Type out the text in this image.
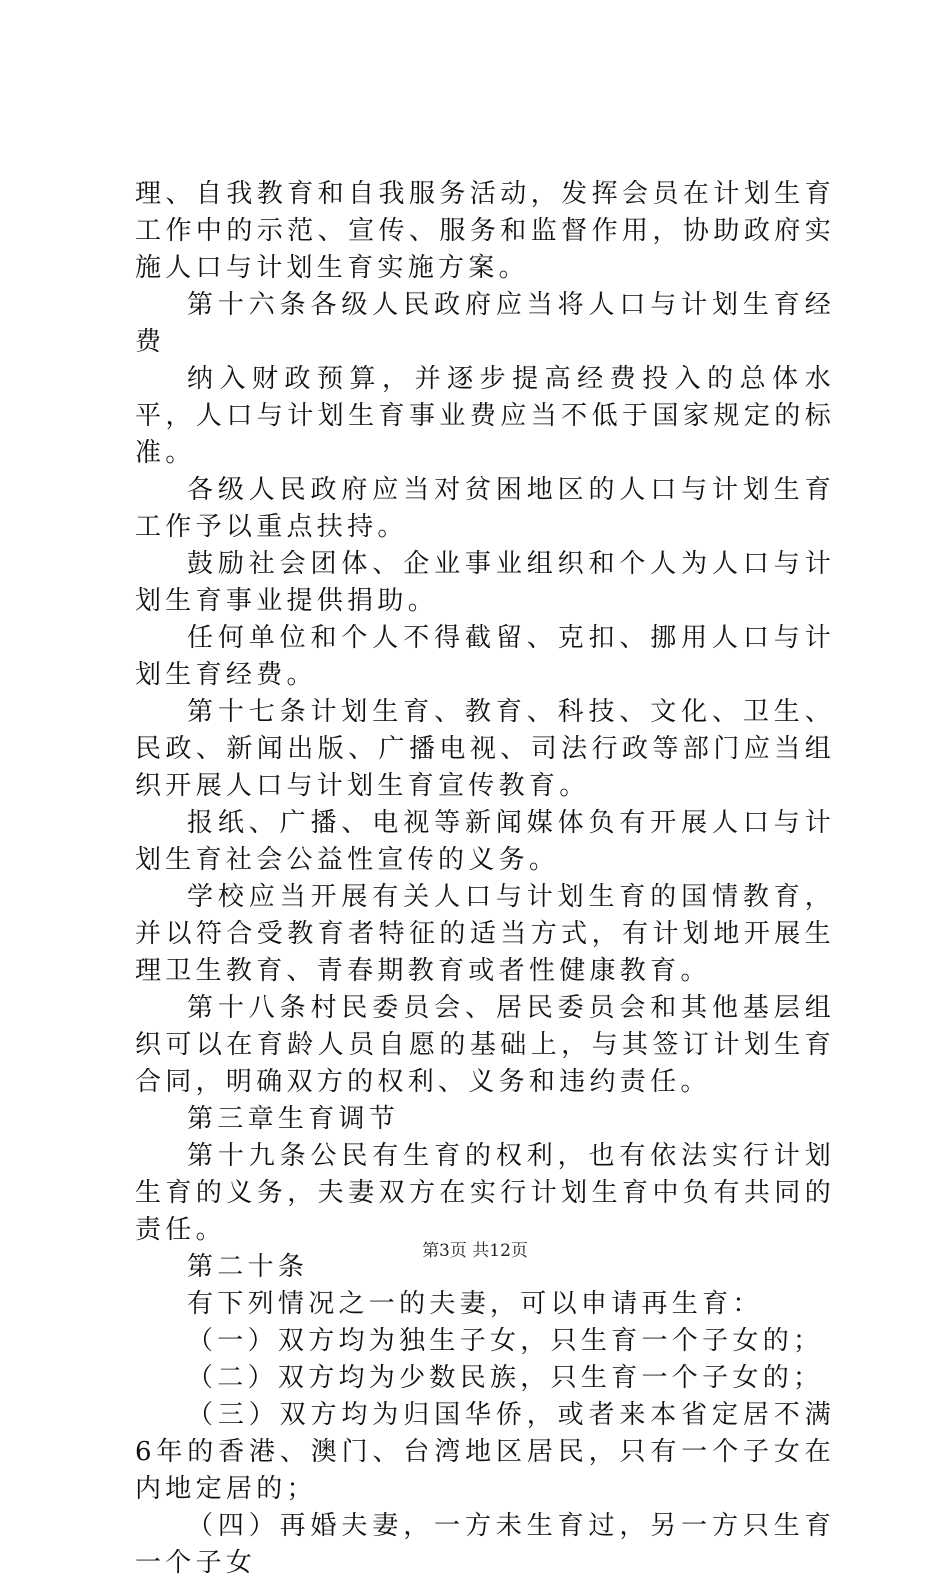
理、自我教育和自我服务活动，发挥会员在计划生育工作中的示范、宣传、服务和监督作用，协助政府实施人口与计划生育实施方案。

第十六条各级人民政府应当将人口与计划生育经费

纳入财政预算，并逐步提高经费投入的总体水平，人口与计划生育事业费应当不低于国家规定的标准。

各级人民政府应当对贫困地区的人口与计划生育工作予以重点扶持。

鼓励社会团体、企业事业组织和个人为人口与计划生育事业提供捐助。

任何单位和个人不得截留、克扣、挪用人口与计划生育经费。

第十七条计划生育、教育、科技、文化、卫生、民政、新闻出版、广播电视、司法行政等部门应当组织开展人口与计划生育宣传教育。

报纸、广播、电视等新闻媒体负有开展人口与计划生育社会公益性宣传的义务。

学校应当开展有关人口与计划生育的国情教育，并以符合受教育者特征的适当方式，有计划地开展生理卫生教育、青春期教育或者性健康教育。

第十八条村民委员会、居民委员会和其他基层组织可以在育龄人员自愿的基础上，与其签订计划生育合同，明确双方的权利、义务和违约责任。

第三章生育调节

第十九条公民有生育的权利，也有依法实行计划生育的义务，夫妻双方在实行计划生育中负有共同的责任。

第二十条

有下列情况之一的夫妻，可以申请再生育：

（一）双方均为独生子女，只生育一个子女的；

（二）双方均为少数民族，只生育一个子女的；

（三）双方均为归国华侨，或者来本省定居不满6年的香港、澳门、台湾地区居民，只有一个子女在内地定居的；

（四）再婚夫妻，一方未生育过，另一方只生育一个子女

第3页 共12页
